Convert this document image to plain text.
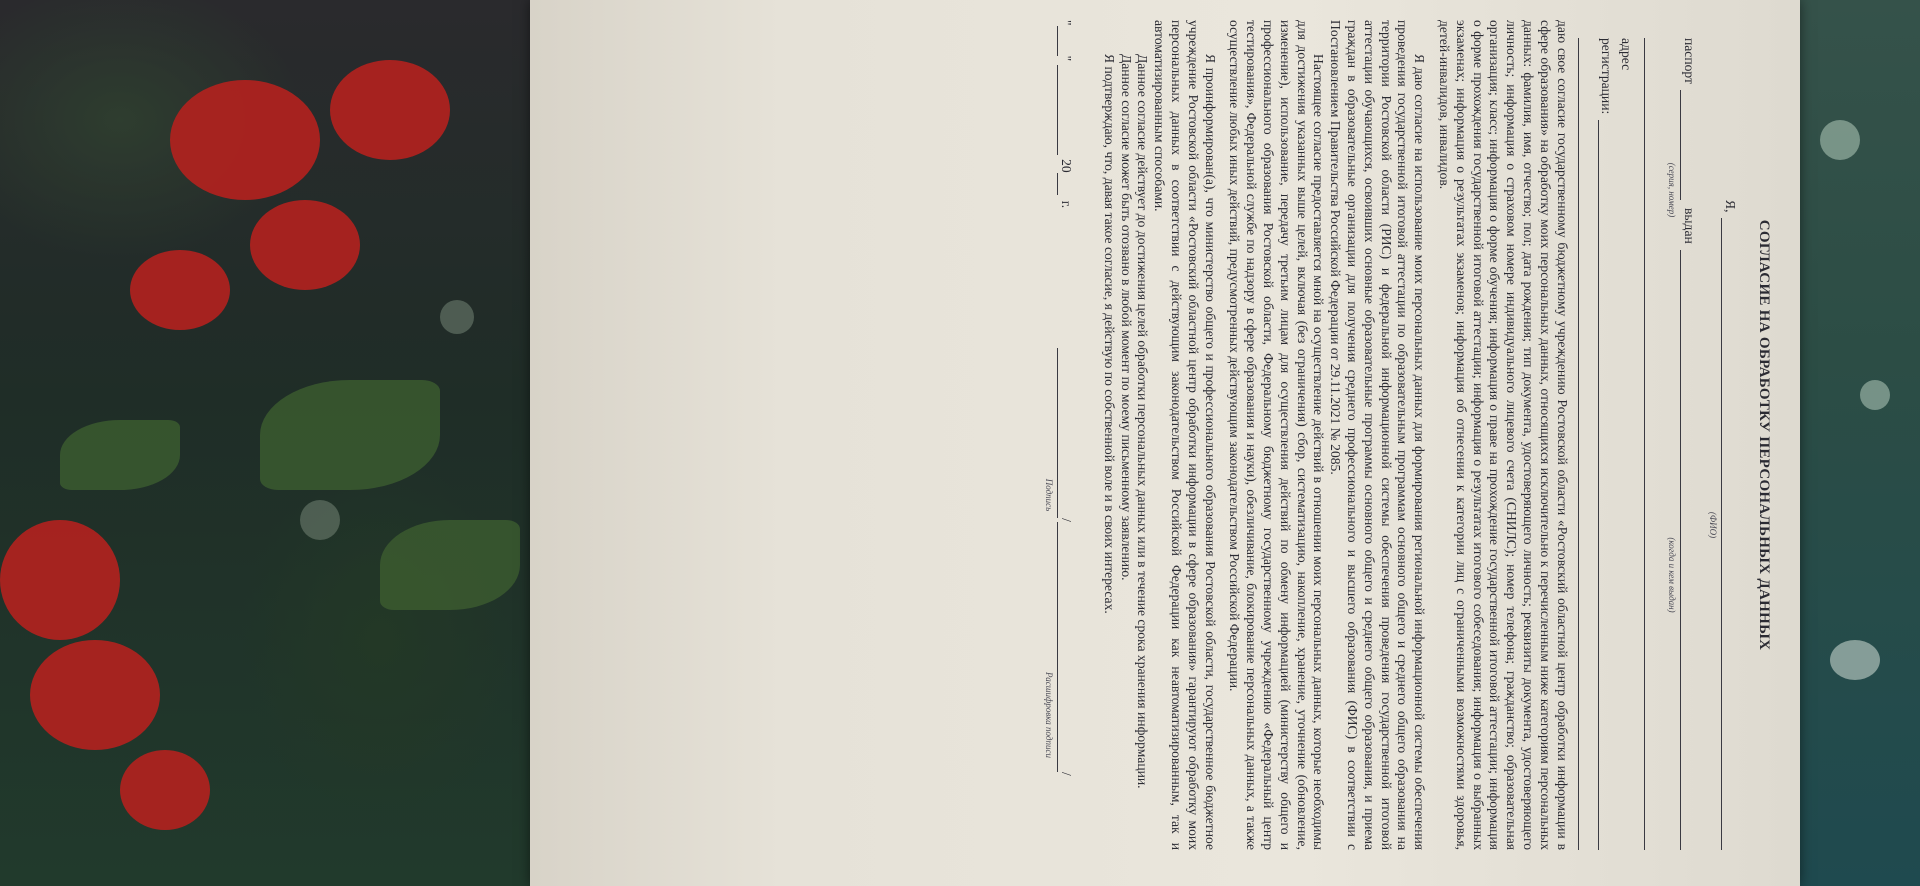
СОГЛАСИЕ НА ОБРАБОТКУ ПЕРСОНАЛЬНЫХ ДАННЫХ
Я,
(ФИО)
паспорт
выдан
(серия, номер)
(когда и кем выдан)
адрес
регистрации:

даю свое согласие государственному бюджетному учреждению Ростовской области «Ростовский областной центр обработки информации в сфере образования» на обработку моих персональных данных, относящихся исключительно к перечисленным ниже категориям персональных данных: фамилия, имя, отчество; пол; дата рождения; тип документа, удостоверяющего личность; реквизиты документа, удостоверяющего личность; информация о страховом номере индивидуального лицевого счета (СНИЛС); номер телефона; гражданство; образовательная организация; класс; информация о форме обучения; информация о праве на прохождение государственной итоговой аттестации; информация о форме прохождения государственной итоговой аттестации; информация о результатах итогового собеседования; информация о выбранных экзаменах; информация о результатах экзаменов; информация об отнесении к категории лиц с ограниченными возможностями здоровья, детей-инвалидов, инвалидов.

Я даю согласие на использование моих персональных данных для формирования региональной информационной системы обеспечения проведения государственной итоговой аттестации по образовательным программам основного общего и среднего общего образования на территории Ростовской области (РИС) и федеральной информационной системы обеспечения проведения государственной итоговой аттестации обучающихся, освоивших основные образовательные программы основного общего и среднего общего образования, и приема граждан в образовательные организации для получения среднего профессионального и высшего образования (ФИС) в соответствии с Постановлением Правительства Российской Федерации от 29.11.2021 № 2085.

Настоящее согласие предоставляется мной на осуществление действий в отношении моих персональных данных, которые необходимы для достижения указанных выше целей, включая (без ограничения) сбор, систематизацию, накопление, хранение, уточнение (обновление, изменение), использование, передачу третьим лицам для осуществления действий по обмену информацией (министерству общего и профессионального образования Ростовской области, Федеральному бюджетному государственному учреждению «Федеральный центр тестирования», Федеральной службе по надзору в сфере образования и науки), обезличивание, блокирование персональных данных, а также осуществление любых иных действий, предусмотренных действующим законодательством Российской Федерации.

Я проинформирован(а), что министерство общего и профессионального образования Ростовской области, государственное бюджетное учреждение Ростовской области «Ростовский областной центр обработки информации в сфере образования» гарантируют обработку моих персональных данных в соответствии с действующим законодательством Российской Федерации как неавтоматизированным, так и автоматизированным способами.

Данное согласие действует до достижения целей обработки персональных данных или в течение срока хранения информации.

Данное согласие может быть отозвано в любой момент по моему письменному заявлению.

Я подтверждаю, что, давая такое согласие, я действую по собственной воле и в своих интересах.

"
"
20
г.
/
/
Подпись
Расшифровка подписи
